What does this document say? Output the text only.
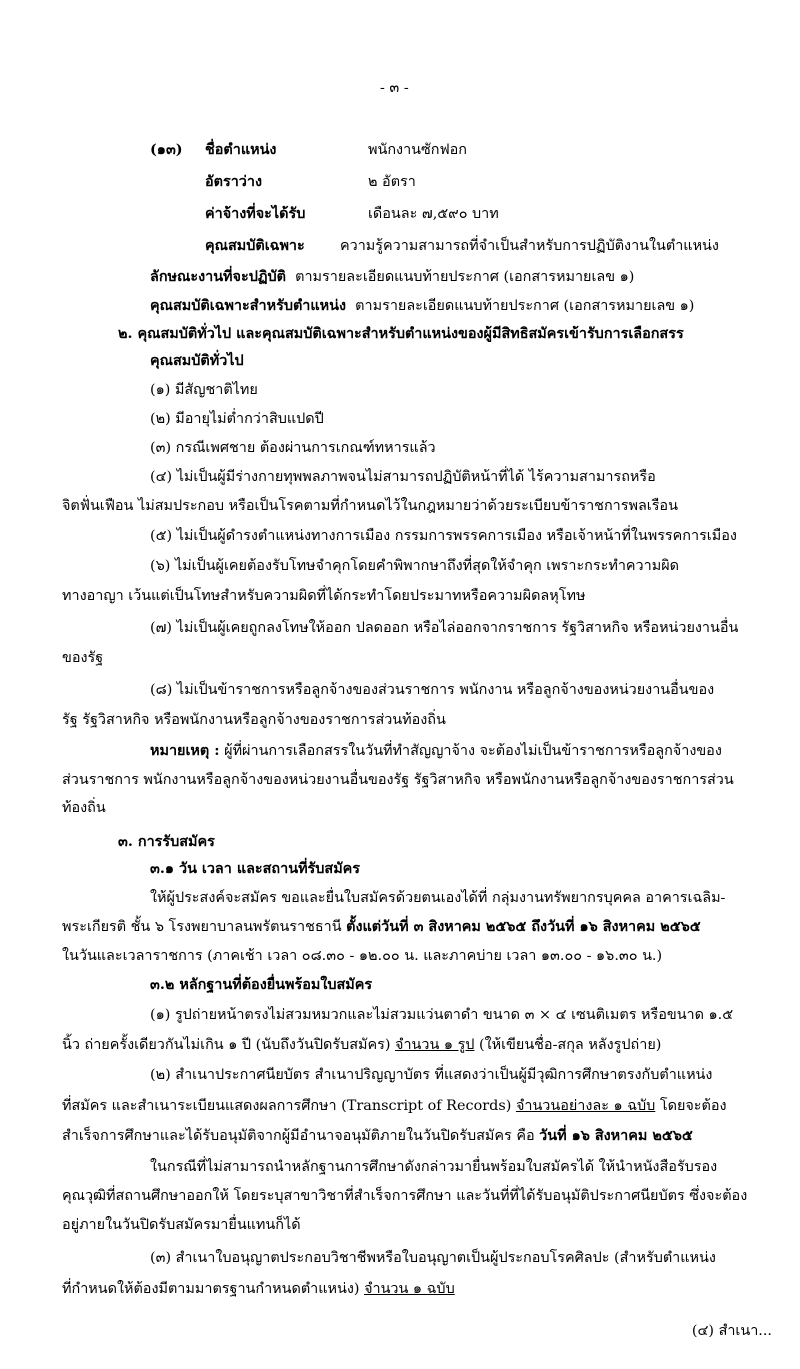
- ๓ -
(๑๓) ชื่อตำแหน่ง	พนักงานซักฟอก
อัตราว่าง	๒ อัตรา
ค่าจ้างที่จะได้รับ	เดือนละ ๗,๕๙๐ บาท
คุณสมบัติเฉพาะ ความรู้ความสามารถที่จำเป็นสำหรับการปฏิบัติงานในตำแหน่ง
ลักษณะงานที่จะปฏิบัติ ตามรายละเอียดแนบท้ายประกาศ (เอกสารหมายเลข ๑)
คุณสมบัติเฉพาะสำหรับตำแหน่ง ตามรายละเอียดแนบท้ายประกาศ (เอกสารหมายเลข ๑)
๒. คุณสมบัติทั่วไป และคุณสมบัติเฉพาะสำหรับตำแหน่งของผู้มีสิทธิสมัครเข้ารับการเลือกสรร
คุณสมบัติทั่วไป
(๑) มีสัญชาติไทย
(๒) มีอายุไม่ต่ำกว่าสิบแปดปี
(๓) กรณีเพศชาย ต้องผ่านการเกณฑ์ทหารแล้ว
(๔) ไม่เป็นผู้มีร่างกายทุพพลภาพจนไม่สามารถปฏิบัติหน้าที่ได้ ไร้ความสามารถหรือ
จิตฟั่นเฟือน ไม่สมประกอบ หรือเป็นโรคตามที่กำหนดไว้ในกฎหมายว่าด้วยระเบียบข้าราชการพลเรือน
(๕) ไม่เป็นผู้ดำรงตำแหน่งทางการเมือง กรรมการพรรคการเมือง หรือเจ้าหน้าที่ในพรรคการเมือง
(๖) ไม่เป็นผู้เคยต้องรับโทษจำคุกโดยคำพิพากษาถึงที่สุดให้จำคุก เพราะกระทำความผิด
ทางอาญา เว้นแต่เป็นโทษสำหรับความผิดที่ได้กระทำโดยประมาทหรือความผิดลหุโทษ
(๗) ไม่เป็นผู้เคยถูกลงโทษให้ออก ปลดออก หรือไล่ออกจากราชการ รัฐวิสาหกิจ หรือหน่วยงานอื่น
ของรัฐ
(๘) ไม่เป็นข้าราชการหรือลูกจ้างของส่วนราชการ พนักงาน หรือลูกจ้างของหน่วยงานอื่นของ
รัฐ รัฐวิสาหกิจ หรือพนักงานหรือลูกจ้างของราชการส่วนท้องถิ่น
หมายเหตุ : ผู้ที่ผ่านการเลือกสรรในวันที่ทำสัญญาจ้าง จะต้องไม่เป็นข้าราชการหรือลูกจ้างของ
ส่วนราชการ พนักงานหรือลูกจ้างของหน่วยงานอื่นของรัฐ รัฐวิสาหกิจ หรือพนักงานหรือลูกจ้างของราชการส่วน
ท้องถิ่น
๓. การรับสมัคร
๓.๑ วัน เวลา และสถานที่รับสมัคร
ให้ผู้ประสงค์จะสมัคร ขอและยื่นใบสมัครด้วยตนเองได้ที่ กลุ่มงานทรัพยากรบุคคล อาคารเฉลิม-
พระเกียรติ ชั้น ๖ โรงพยาบาลนพรัตนราชธานี ตั้งแต่วันที่ ๓ สิงหาคม ๒๕๖๕ ถึงวันที่ ๑๖ สิงหาคม ๒๕๖๕
ในวันและเวลาราชการ (ภาคเช้า เวลา ๐๘.๓๐ - ๑๒.๐๐ น. และภาคบ่าย เวลา ๑๓.๐๐ - ๑๖.๓๐ น.)
๓.๒ หลักฐานที่ต้องยื่นพร้อมใบสมัคร
(๑) รูปถ่ายหน้าตรงไม่สวมหมวกและไม่สวมแว่นตาดำ ขนาด ๓ × ๔ เซนติเมตร หรือขนาด ๑.๕
นิ้ว ถ่ายครั้งเดียวกันไม่เกิน ๑ ปี (นับถึงวันปิดรับสมัคร) จำนวน ๑ รูป (ให้เขียนชื่อ-สกุล หลังรูปถ่าย)
(๒) สำเนาประกาศนียบัตร สำเนาปริญญาบัตร ที่แสดงว่าเป็นผู้มีวุฒิการศึกษาตรงกับตำแหน่ง
ที่สมัคร และสำเนาระเบียนแสดงผลการศึกษา (Transcript of Records) จำนวนอย่างละ ๑ ฉบับ โดยจะต้อง
สำเร็จการศึกษาและได้รับอนุมัติจากผู้มีอำนาจอนุมัติภายในวันปิดรับสมัคร คือ วันที่ ๑๖ สิงหาคม ๒๕๖๕
ในกรณีที่ไม่สามารถนำหลักฐานการศึกษาดังกล่าวมายื่นพร้อมใบสมัครได้ ให้นำหนังสือรับรอง
คุณวุฒิที่สถานศึกษาออกให้ โดยระบุสาขาวิชาที่สำเร็จการศึกษา และวันที่ที่ได้รับอนุมัติประกาศนียบัตร ซึ่งจะต้อง
อยู่ภายในวันปิดรับสมัครมายื่นแทนก็ได้
(๓) สำเนาใบอนุญาตประกอบวิชาชีพหรือใบอนุญาตเป็นผู้ประกอบโรคศิลปะ (สำหรับตำแหน่ง
ที่กำหนดให้ต้องมีตามมาตรฐานกำหนดตำแหน่ง) จำนวน ๑ ฉบับ
(๔) สำเนา...
